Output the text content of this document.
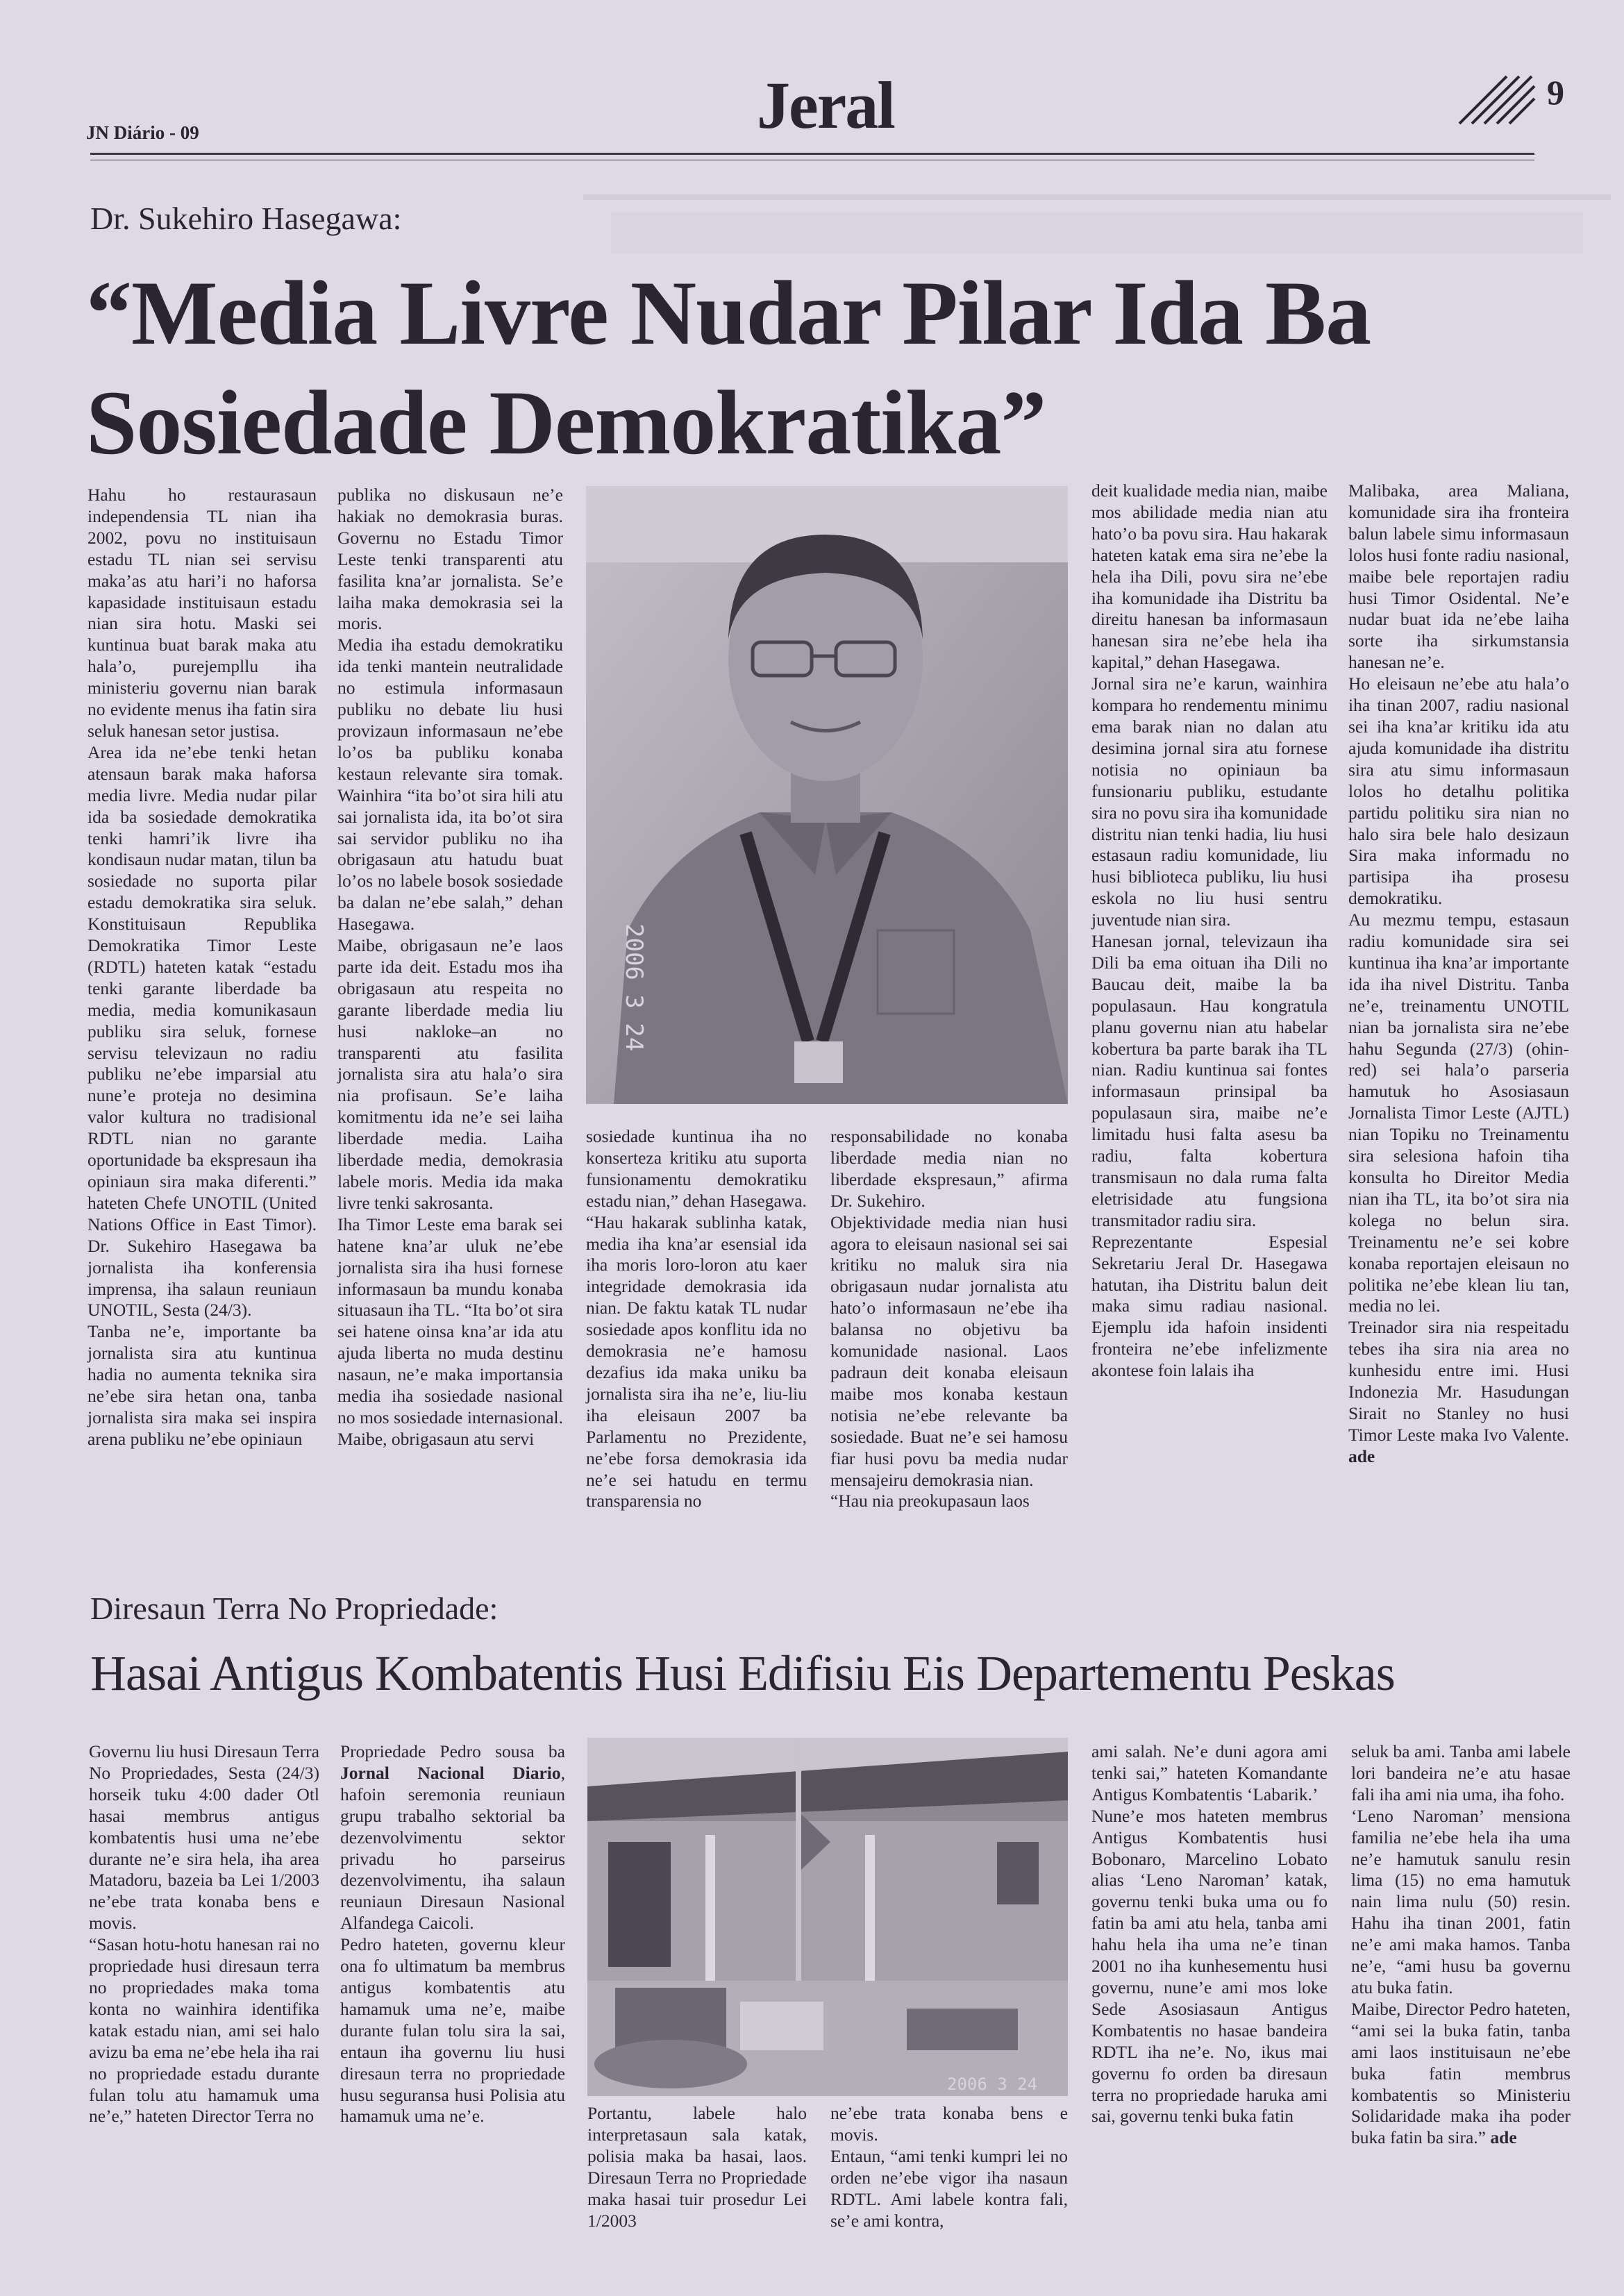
JN Diário - 09	Jeral	9
Dr. Sukehiro Hasegawa:
“Media Livre Nudar Pilar Ida Ba
Sosiedade Demokratika”
Hahu ho restaurasaun independensia TL nian iha 2002, povu no instituisaun estadu TL nian sei servisu maka’as atu hari’i no haforsa kapasidade instituisaun estadu nian sira hotu. Maski sei kuntinua buat barak maka atu hala’o, purejempllu iha ministeriu governu nian barak no evidente menus iha fatin sira seluk hanesan setor justisa.
Area ida ne’ebe tenki hetan atensaun barak maka haforsa media livre. Media nudar pilar ida ba sosiedade demokratika tenki hamri’ik livre iha kondisaun nudar matan, tilun ba sosiedade no suporta pilar estadu demokratika sira seluk. Konstituisaun Republika Demokratika Timor Leste (RDTL) hateten katak “estadu tenki garante liberdade ba media, media komunikasaun publiku sira seluk, fornese servisu televizaun no radiu publiku ne’ebe imparsial atu nune’e proteja no desimina valor kultura no tradisional RDTL nian no garante oportunidade ba ekspresaun iha opiniaun sira maka diferenti.” hateten Chefe UNOTIL (United Nations Office in East Timor). Dr. Sukehiro Hasegawa ba jornalista iha konferensia imprensa, iha salaun reuniaun UNOTIL, Sesta (24/3).
Tanba ne’e, importante ba jornalista sira atu kuntinua hadia no aumenta teknika sira ne’ebe sira hetan ona, tanba jornalista sira maka sei inspira arena publiku ne’ebe opiniaun
publika no diskusaun ne’e hakiak no demokrasia buras. Governu no Estadu Timor Leste tenki transparenti atu fasilita kna’ar jornalista. Se’e laiha maka demokrasia sei la moris.
Media iha estadu demokratiku ida tenki mantein neutralidade no estimula informasaun publiku no debate liu husi provizaun informasaun ne’ebe lo’os ba publiku konaba kestaun relevante sira tomak. Wainhira “ita bo’ot sira hili atu sai jornalista ida, ita bo’ot sira sai servidor publiku no iha obrigasaun atu hatudu buat lo’os no labele bosok sosiedade ba dalan ne’ebe salah,” dehan Hasegawa.
Maibe, obrigasaun ne’e laos parte ida deit. Estadu mos iha obrigasaun atu respeita no garante liberdade media liu husi nakloke–an no transparenti atu fasilita jornalista sira atu hala’o sira nia profisaun. Se’e laiha komitmentu ida ne’e sei laiha liberdade media. Laiha liberdade media, demokrasia labele moris. Media ida maka livre tenki sakrosanta.
Iha Timor Leste ema barak sei hatene kna’ar uluk ne’ebe jornalista sira iha husi fornese informasaun ba mundu konaba situasaun iha TL. “Ita bo’ot sira sei hatene oinsa kna’ar ida atu ajuda liberta no muda destinu nasaun, ne’e maka importansia media iha sosiedade nasional no mos sosiedade internasional. Maibe, obrigasaun atu servi
2006 3 24
sosiedade kuntinua iha no konserteza kritiku atu suporta funsionamentu demokratiku estadu nian,” dehan Hasegawa.
“Hau hakarak sublinha katak, media iha kna’ar esensial ida iha moris loro-loron atu kaer integridade demokrasia ida nian. De faktu katak TL nudar sosiedade apos konflitu ida no demokrasia ne’e hamosu dezafius ida maka uniku ba jornalista sira iha ne’e, liu-liu iha eleisaun 2007 ba Parlamentu no Prezidente, ne’ebe forsa demokrasia ida ne’e sei hatudu en termu transparensia no
responsabilidade no konaba liberdade media nian no liberdade ekspresaun,” afirma Dr. Sukehiro.
Objektividade media nian husi agora to eleisaun nasional sei sai kritiku no maluk sira nia obrigasaun nudar jornalista atu hato’o informasaun ne’ebe iha balansa no objetivu ba komunidade nasional. Laos padraun deit konaba eleisaun maibe mos konaba kestaun notisia ne’ebe relevante ba sosiedade. Buat ne’e sei hamosu fiar husi povu ba media nudar mensajeiru demokrasia nian.
“Hau nia preokupasaun laos
deit kualidade media nian, maibe mos abilidade media nian atu hato’o ba povu sira. Hau hakarak hateten katak ema sira ne’ebe la hela iha Dili, povu sira ne’ebe iha komunidade iha Distritu ba direitu hanesan ba informasaun hanesan sira ne’ebe hela iha kapital,” dehan Hasegawa.
Jornal sira ne’e karun, wainhira kompara ho rendementu minimu ema barak nian no dalan atu desimina jornal sira atu fornese notisia no opiniaun ba funsionariu publiku, estudante sira no povu sira iha komunidade distritu nian tenki hadia, liu husi estasaun radiu komunidade, liu husi biblioteca publiku, liu husi eskola no liu husi sentru juventude nian sira.
Hanesan jornal, televizaun iha Dili ba ema oituan iha Dili no Baucau deit, maibe la ba populasaun. Hau kongratula planu governu nian atu habelar kobertura ba parte barak iha TL nian. Radiu kuntinua sai fontes informasaun prinsipal ba populasaun sira, maibe ne’e limitadu husi falta asesu ba radiu, falta kobertura transmisaun no dala ruma falta eletrisidade atu fungsiona transmitador radiu sira.
Reprezentante Espesial Sekretariu Jeral Dr. Hasegawa hatutan, iha Distritu balun deit maka simu radiau nasional. Ejemplu ida hafoin insidenti fronteira ne’ebe infelizmente akontese foin lalais iha
Malibaka, area Maliana, komunidade sira iha fronteira balun labele simu informasaun lolos husi fonte radiu nasional, maibe bele reportajen radiu husi Timor Osidental. Ne’e nudar buat ida ne’ebe laiha sorte iha sirkumstansia hanesan ne’e.
Ho eleisaun ne’ebe atu hala’o iha tinan 2007, radiu nasional sei iha kna’ar kritiku ida atu ajuda komunidade iha distritu sira atu simu informasaun lolos ho detalhu politika partidu politiku sira nian no halo sira bele halo desizaun Sira maka informadu no partisipa iha prosesu demokratiku.
Au mezmu tempu, estasaun radiu komunidade sira sei kuntinua iha kna’ar importante ida iha nivel Distritu. Tanba ne’e, treinamentu UNOTIL nian ba jornalista sira ne’ebe hahu Segunda (27/3) (ohin-red) sei hala’o parseria hamutuk ho Asosiasaun Jornalista Timor Leste (AJTL) nian Topiku no Treinamentu sira selesiona hafoin tiha konsulta ho Direitor Media nian iha TL, ita bo’ot sira nia kolega no belun sira. Treinamentu ne’e sei kobre konaba reportajen eleisaun no politika ne’ebe klean liu tan, media no lei.
Treinador sira nia respeitadu tebes iha sira nia area no kunhesidu entre imi. Husi Indonezia Mr. Hasudungan Sirait no Stanley no husi Timor Leste maka Ivo Valente. ade
Diresaun Terra No Propriedade:
Hasai Antigus Kombatentis Husi Edifisiu Eis Departementu Peskas
Governu liu husi Diresaun Terra No Propriedades, Sesta (24/3) horseik tuku 4:00 dader Otl hasai membrus antigus kombatentis husi uma ne’ebe durante ne’e sira hela, iha area Matadoru, bazeia ba Lei 1/2003 ne’ebe trata konaba bens e movis.
“Sasan hotu-hotu hanesan rai no propriedade husi diresaun terra no propriedades maka toma konta no wainhira identifika katak estadu nian, ami sei halo avizu ba ema ne’ebe hela iha rai no propriedade estadu durante fulan tolu atu hamamuk uma ne’e,” hateten Director Terra no
Propriedade Pedro sousa ba Jornal Nacional Diario, hafoin seremonia reuniaun grupu trabalho sektorial ba dezenvolvimentu sektor privadu ho parseirus dezenvolvimentu, iha salaun reuniaun Diresaun Nasional Alfandega Caicoli.
Pedro hateten, governu kleur ona fo ultimatum ba membrus antigus kombatentis atu hamamuk uma ne’e, maibe durante fulan tolu sira la sai, entaun iha governu liu husi diresaun terra no propriedade husu seguransa husi Polisia atu hamamuk uma ne’e.
2006 3 24
Portantu, labele halo interpretasaun sala katak, polisia maka ba hasai, laos. Diresaun Terra no Propriedade maka hasai tuir prosedur Lei 1/2003
ne’ebe trata konaba bens e movis.
Entaun, “ami tenki kumpri lei no orden ne’ebe vigor iha nasaun RDTL. Ami labele kontra fali, se’e ami kontra,
ami salah. Ne’e duni agora ami tenki sai,” hateten Komandante Antigus Kombatentis ‘Labarik.’
Nune’e mos hateten membrus Antigus Kombatentis husi Bobonaro, Marcelino Lobato alias ‘Leno Naroman’ katak, governu tenki buka uma ou fo fatin ba ami atu hela, tanba ami hahu hela iha uma ne’e tinan 2001 no iha kunhesementu husi governu, nune’e ami mos loke Sede Asosiasaun Antigus Kombatentis no hasae bandeira RDTL iha ne’e. No, ikus mai governu fo orden ba diresaun terra no propriedade haruka ami sai, governu tenki buka fatin
seluk ba ami. Tanba ami labele lori bandeira ne’e atu hasae fali iha ami nia uma, iha foho.
‘Leno Naroman’ mensiona familia ne’ebe hela iha uma ne’e hamutuk sanulu resin lima (15) no ema hamutuk nain lima nulu (50) resin. Hahu iha tinan 2001, fatin ne’e ami maka hamos. Tanba ne’e, “ami husu ba governu atu buka fatin.
Maibe, Director Pedro hateten, “ami sei la buka fatin, tanba ami laos instituisaun ne’ebe buka fatin membrus kombatentis so Ministeriu Solidaridade maka iha poder buka fatin ba sira.” ade
